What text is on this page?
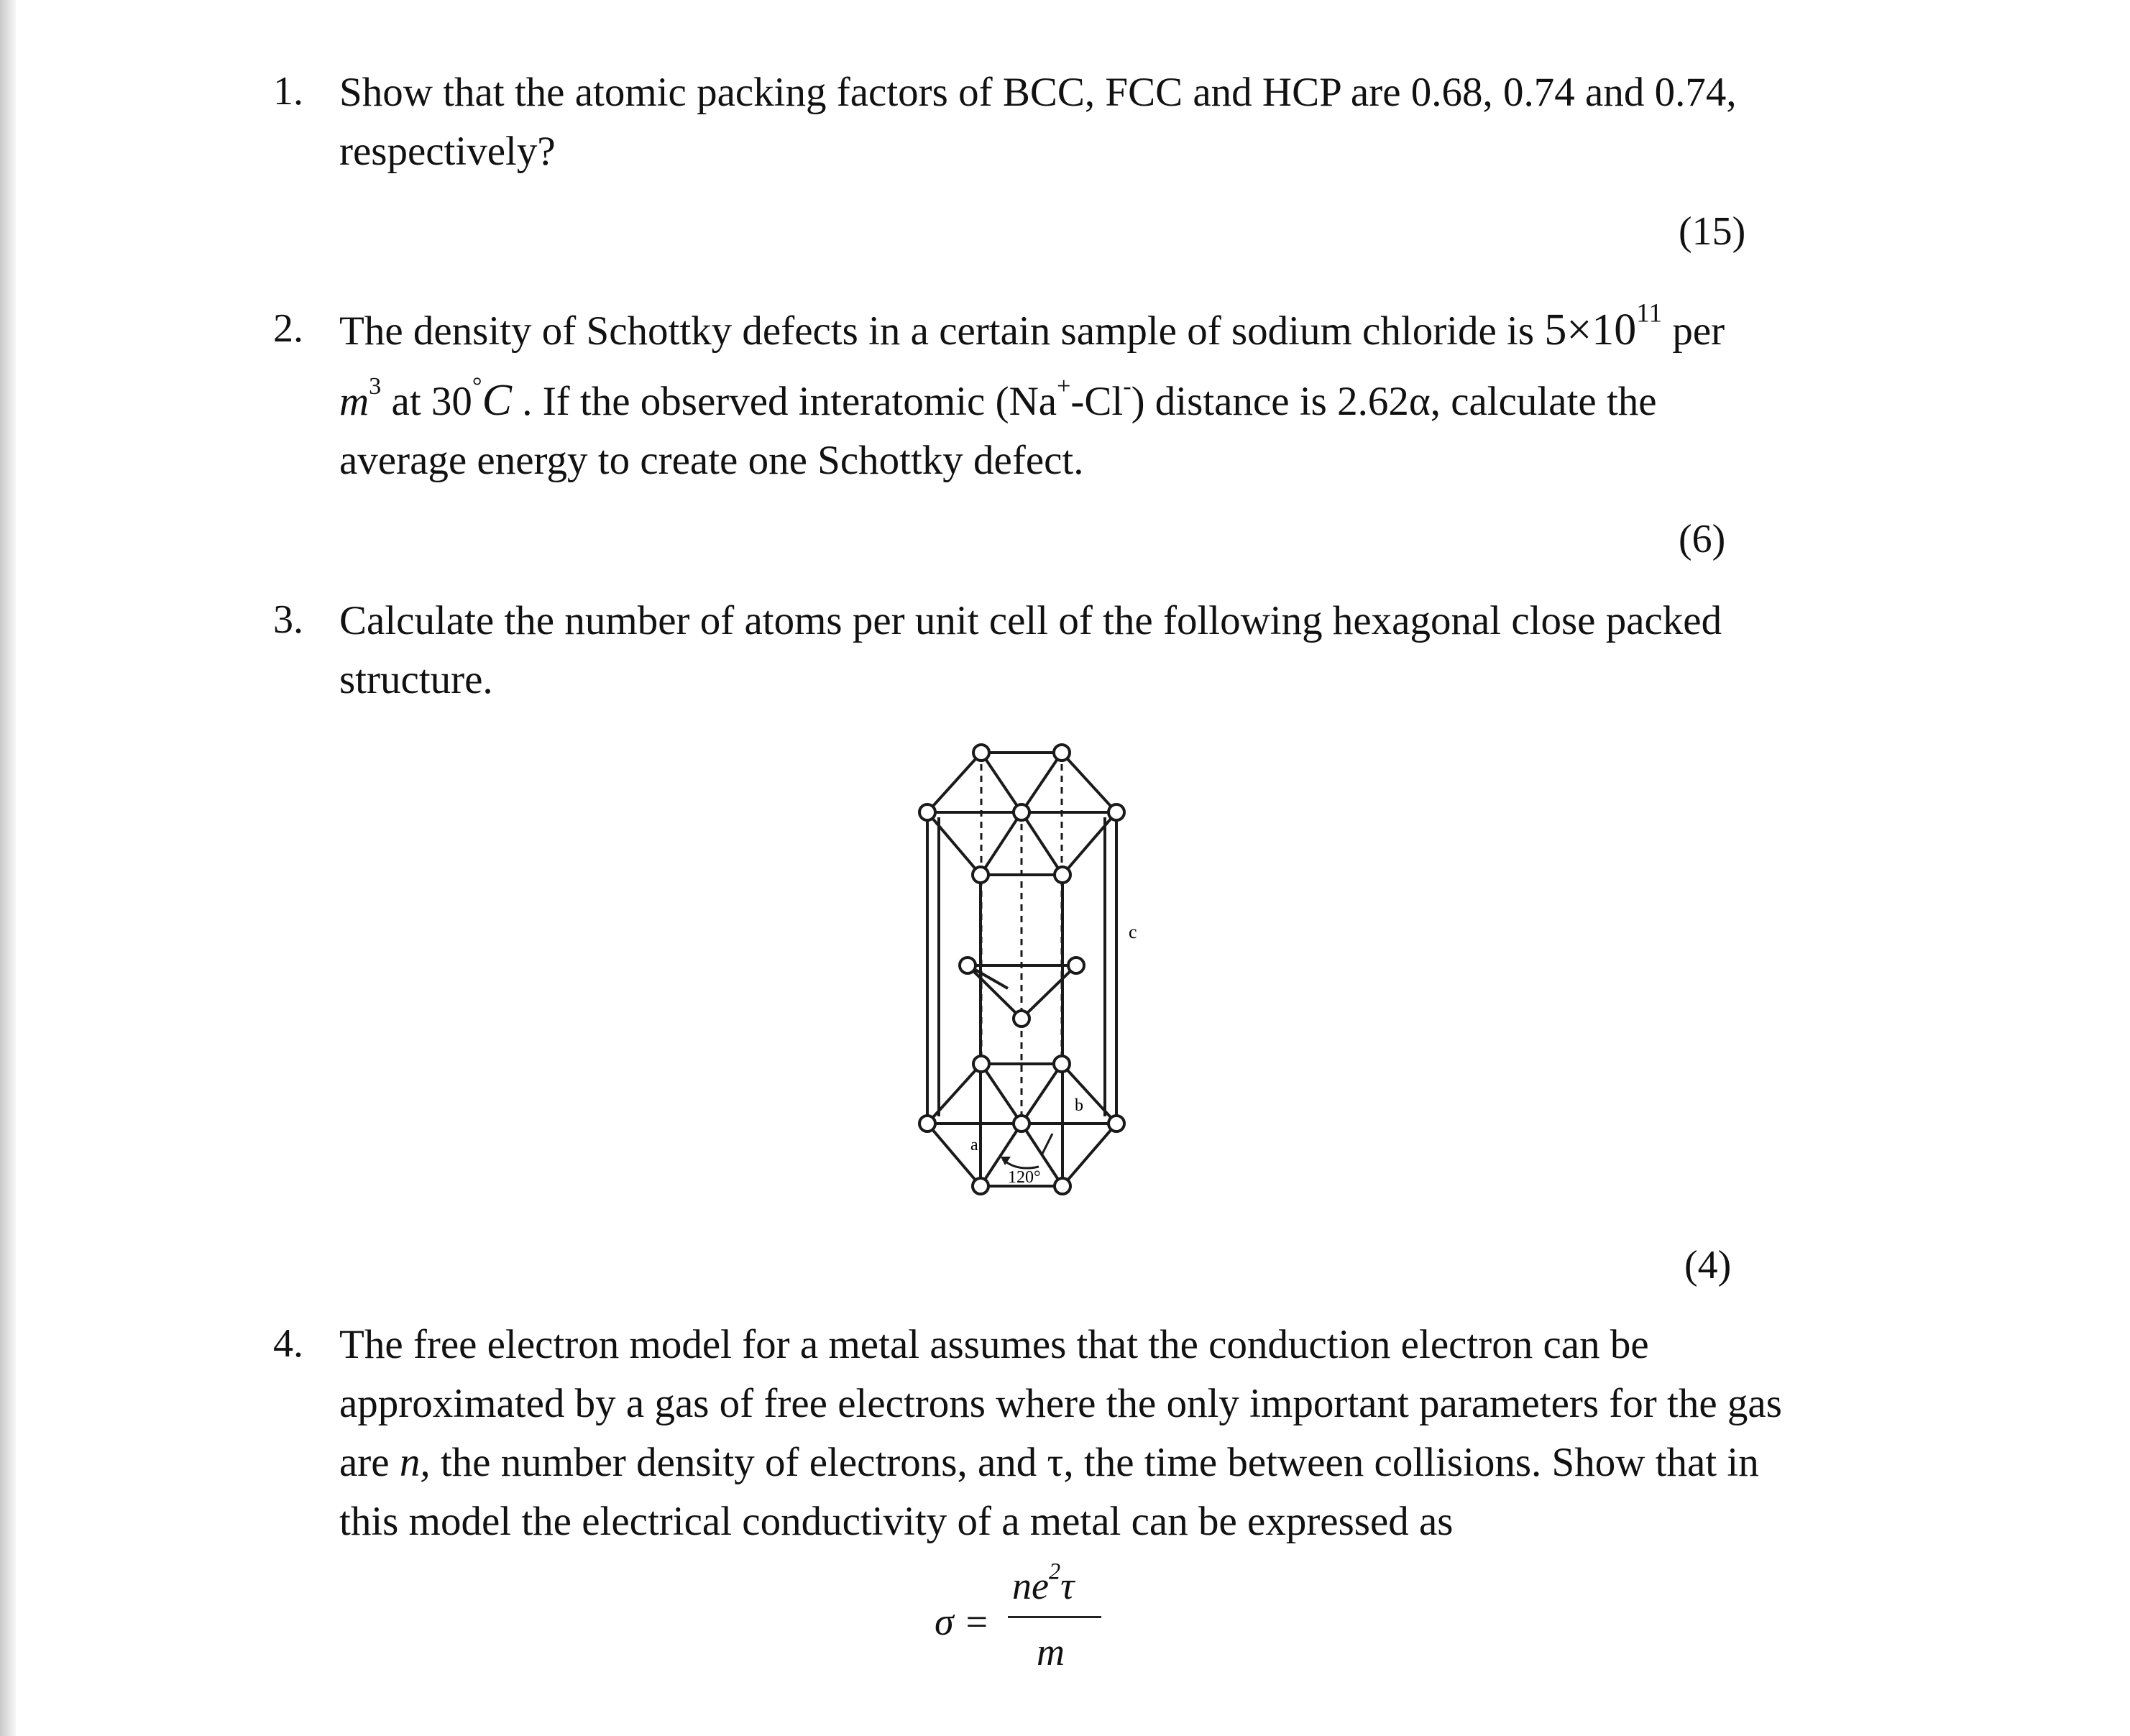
1. Show that the atomic packing factors of BCC, FCC and HCP are 0.68, 0.74 and 0.74,
respectively?
(15)
2. The density of Schottky defects in a certain sample of sodium chloride is $5\times 10^{11}$ per
$m^3$ at 30°C . If the observed interatomic (Na+-Cl-) distance is 2.62α, calculate the
average energy to create one Schottky defect.
(6)
3. Calculate the number of atoms per unit cell of the following hexagonal close packed
structure.
c
a
b
120°
(4)
4. The free electron model for a metal assumes that the conduction electron can be
approximated by a gas of free electrons where the only important parameters for the gas
are n, the number density of electrons, and τ, the time between collisions. Show that in
this model the electrical conductivity of a metal can be expressed as
σ =
$ne^2\tau$
m
